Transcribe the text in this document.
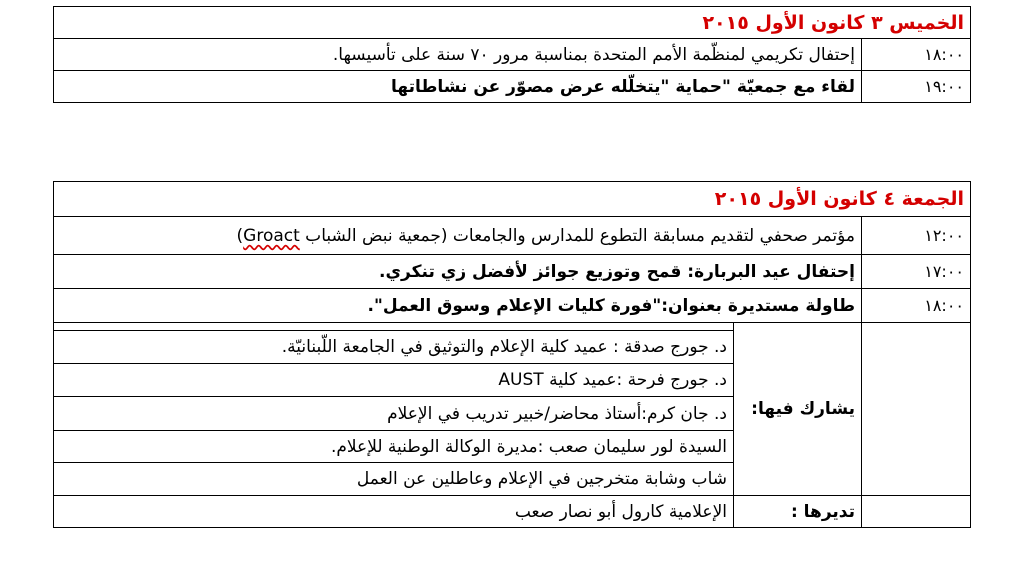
الخميس ٣ كانون الأول ٢٠١٥	
١٨:٠٠	إحتفال تكريمي لمنظّمة الأمم المتحدة بمناسبة مرور ٧٠ سنة على تأسيسها.
١٩:٠٠	لقاء مع جمعيّة "حماية "يتخلّله عرض مصوّر عن نشاطاتها
الجمعة ٤ كانون الأول ٢٠١٥		
١٢:٠٠	مؤتمر صحفي لتقديم مسابقة التطوع للمدارس والجامعات (جمعية نبض الشباب Groact)	
١٧:٠٠	إحتفال عيد البربارة: قمح وتوزيع جوائز لأفضل زي تنكري.	
١٨:٠٠	طاولة مستديرة بعنوان:"فورة كليات الإعلام وسوق العمل".	
	يشارك فيها:	
		د. جورج صدقة : عميد كلية الإعلام والتوثيق في الجامعة اللّبنانيّة.
		د. جورج فرحة :عميد كلية AUST
		د. جان كرم:أستاذ محاضر/خبير تدريب في الإعلام
		السيدة لور سليمان صعب :مديرة الوكالة الوطنية للإعلام.
		شاب وشابة متخرجين في الإعلام وعاطلين عن العمل
	تديرها :	الإعلامية كارول أبو نصار صعب
